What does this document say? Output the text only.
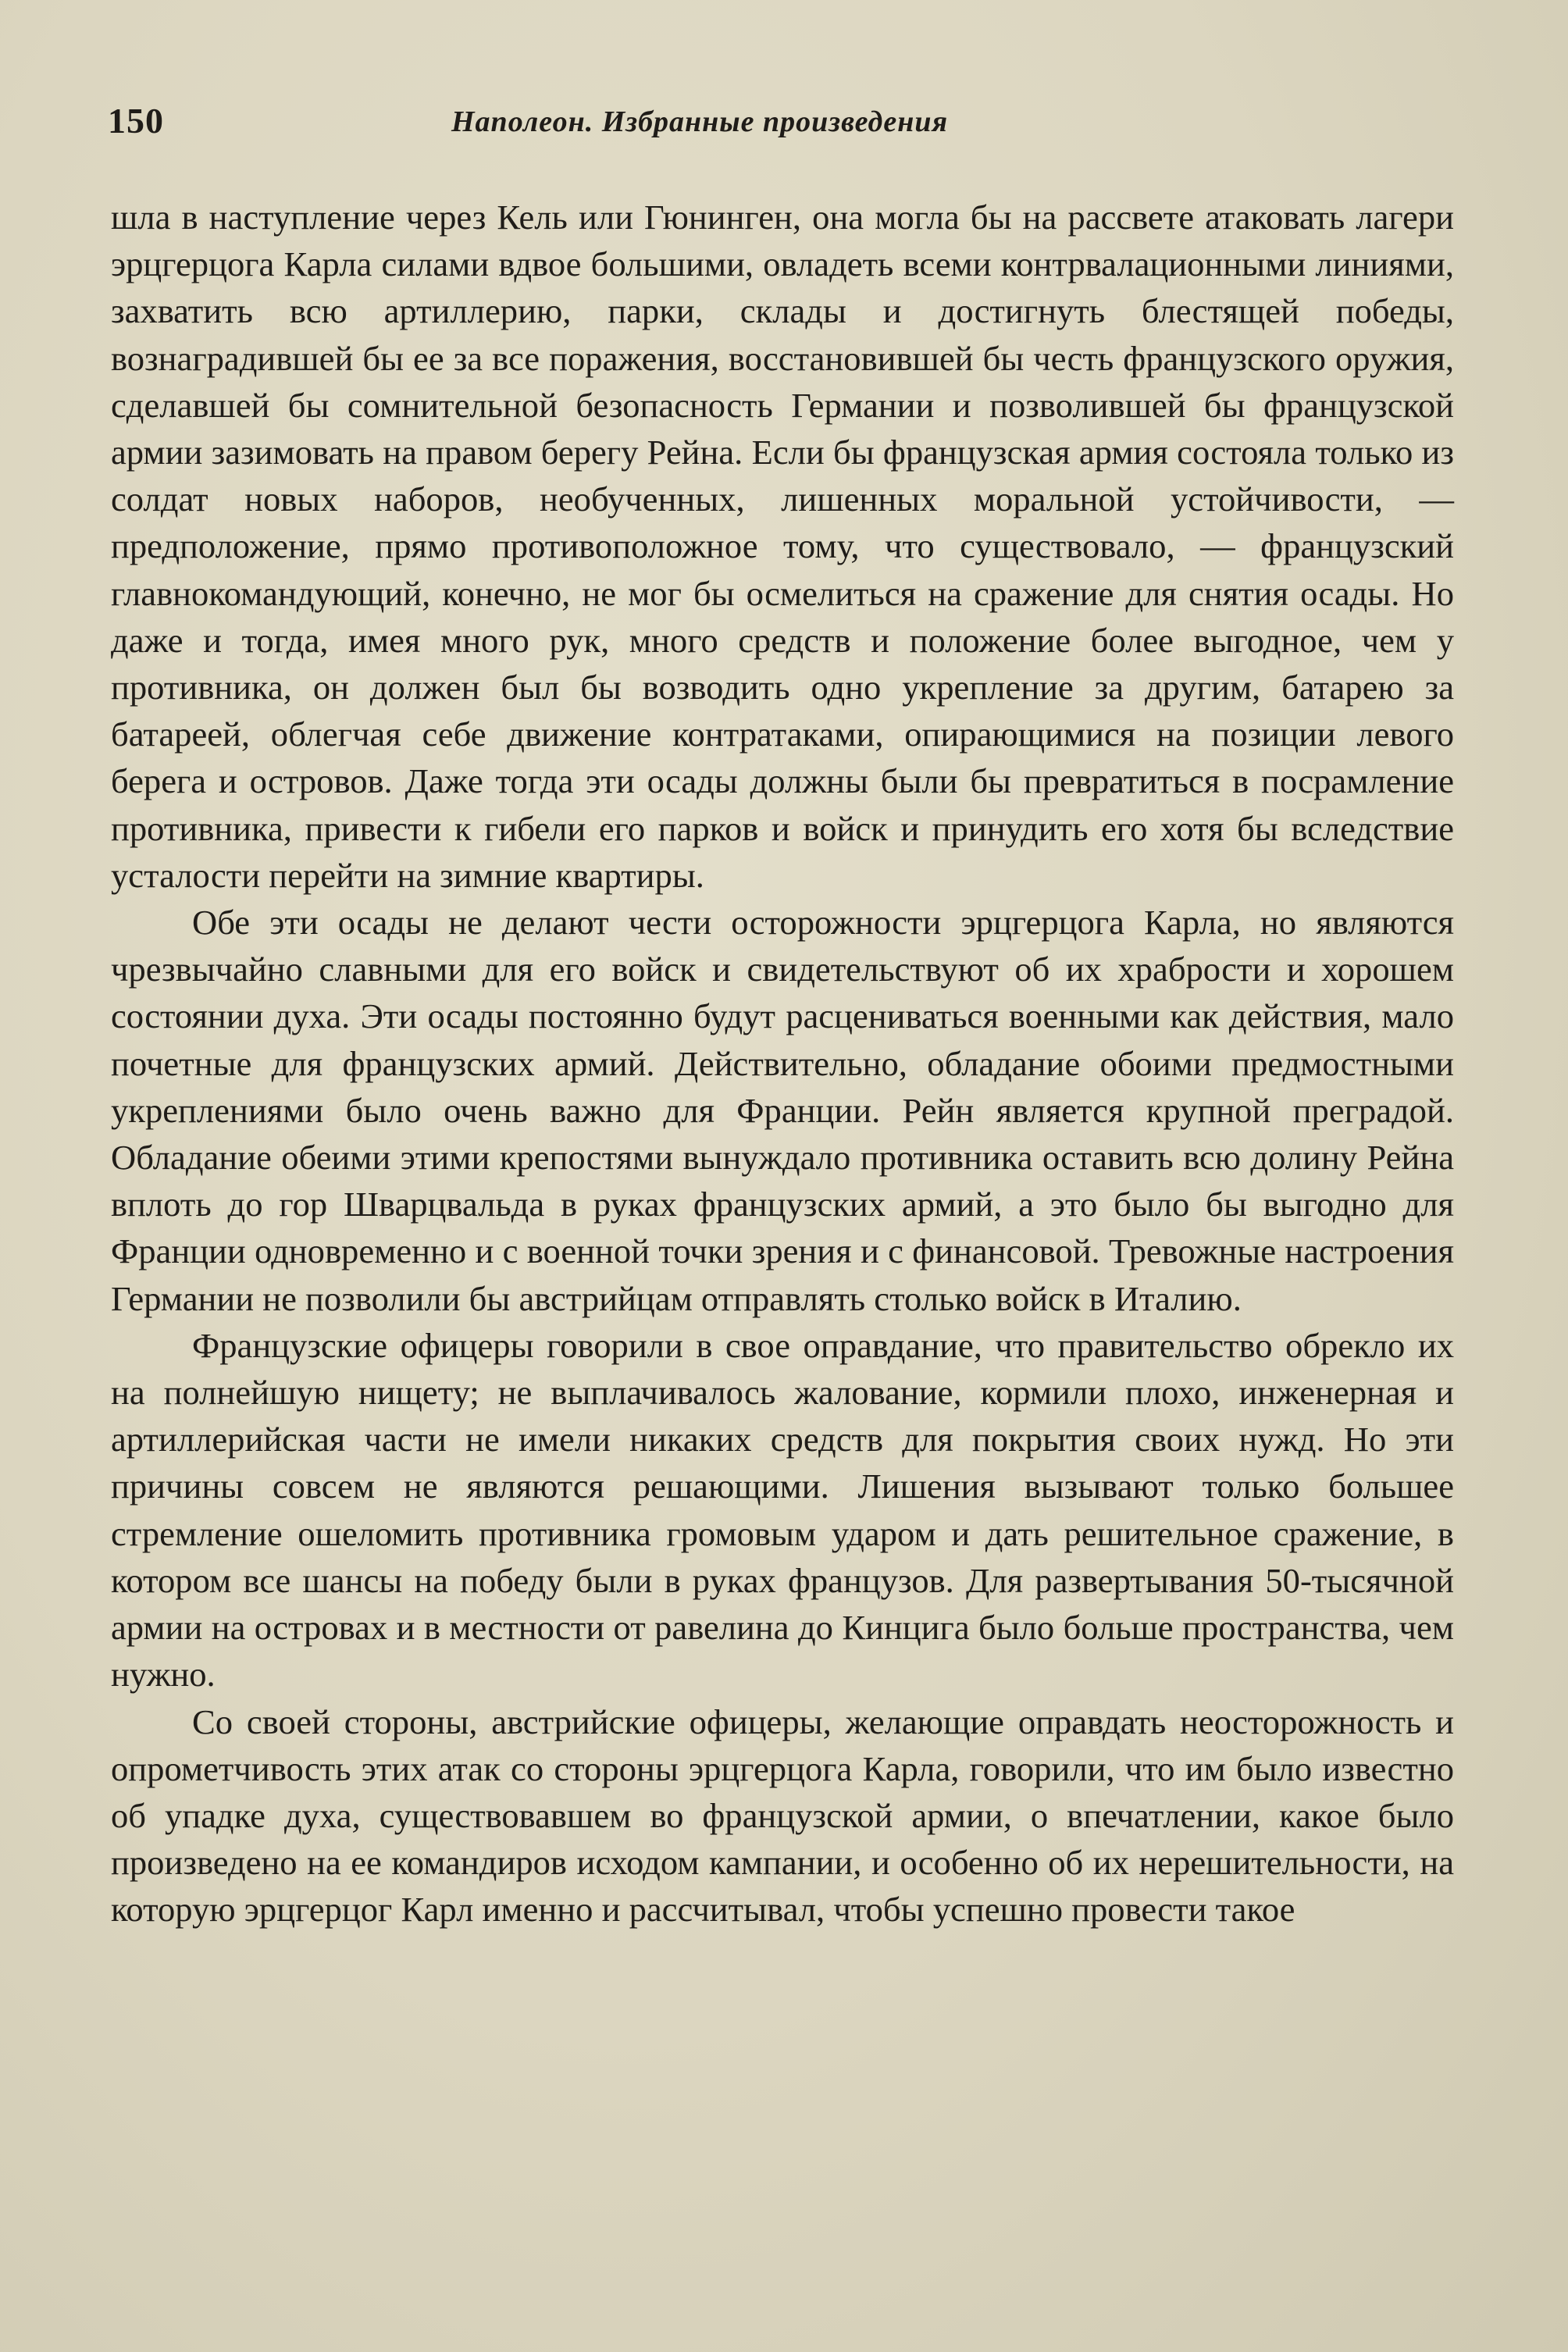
150	Наполеон. Избранные произведения

шла в наступление через Кель или Гюнинген, она могла бы на рассвете атаковать лагери эрцгерцога Карла силами вдвое большими, овладеть всеми контрвалационными линиями, захватить всю артиллерию, парки, склады и достигнуть блестящей победы, вознаградившей бы ее за все поражения, восстановившей бы честь французского оружия, сделавшей бы сомнительной безопасность Германии и позволившей бы французской армии зазимовать на правом берегу Рейна. Если бы французская армия состояла только из солдат новых наборов, необученных, лишенных моральной устойчивости, — предположение, прямо противоположное тому, что существовало, — французский главнокомандующий, конечно, не мог бы осмелиться на сражение для снятия осады. Но даже и тогда, имея много рук, много средств и положение более выгодное, чем у противника, он должен был бы возводить одно укрепление за другим, батарею за батареей, облегчая себе движение контратаками, опирающимися на позиции левого берега и островов. Даже тогда эти осады должны были бы превратиться в посрамление противника, привести к гибели его парков и войск и принудить его хотя бы вследствие усталости перейти на зимние квартиры.

Обе эти осады не делают чести осторожности эрцгерцога Карла, но являются чрезвычайно славными для его войск и свидетельствуют об их храбрости и хорошем состоянии духа. Эти осады постоянно будут расцениваться военными как действия, мало почетные для французских армий. Действительно, обладание обоими предмостными укреплениями было очень важно для Франции. Рейн является крупной преградой. Обладание обеими этими крепостями вынуждало противника оставить всю долину Рейна вплоть до гор Шварцвальда в руках французских армий, а это было бы выгодно для Франции одновременно и с военной точки зрения и с финансовой. Тревожные настроения Германии не позволили бы австрийцам отправлять столько войск в Италию.

Французские офицеры говорили в свое оправдание, что правительство обрекло их на полнейшую нищету; не выплачивалось жалование, кормили плохо, инженерная и артиллерийская части не имели никаких средств для покрытия своих нужд. Но эти причины совсем не являются решающими. Лишения вызывают только большее стремление ошеломить противника громовым ударом и дать решительное сражение, в котором все шансы на победу были в руках французов. Для развертывания 50-тысячной армии на островах и в местности от равелина до Кинцига было больше пространства, чем нужно.

Со своей стороны, австрийские офицеры, желающие оправдать неосторожность и опрометчивость этих атак со стороны эрцгерцога Карла, говорили, что им было известно об упадке духа, существовавшем во французской армии, о впечатлении, какое было произведено на ее командиров исходом кампании, и особенно об их нерешительности, на которую эрцгерцог Карл именно и рассчитывал, чтобы успешно провести такое
